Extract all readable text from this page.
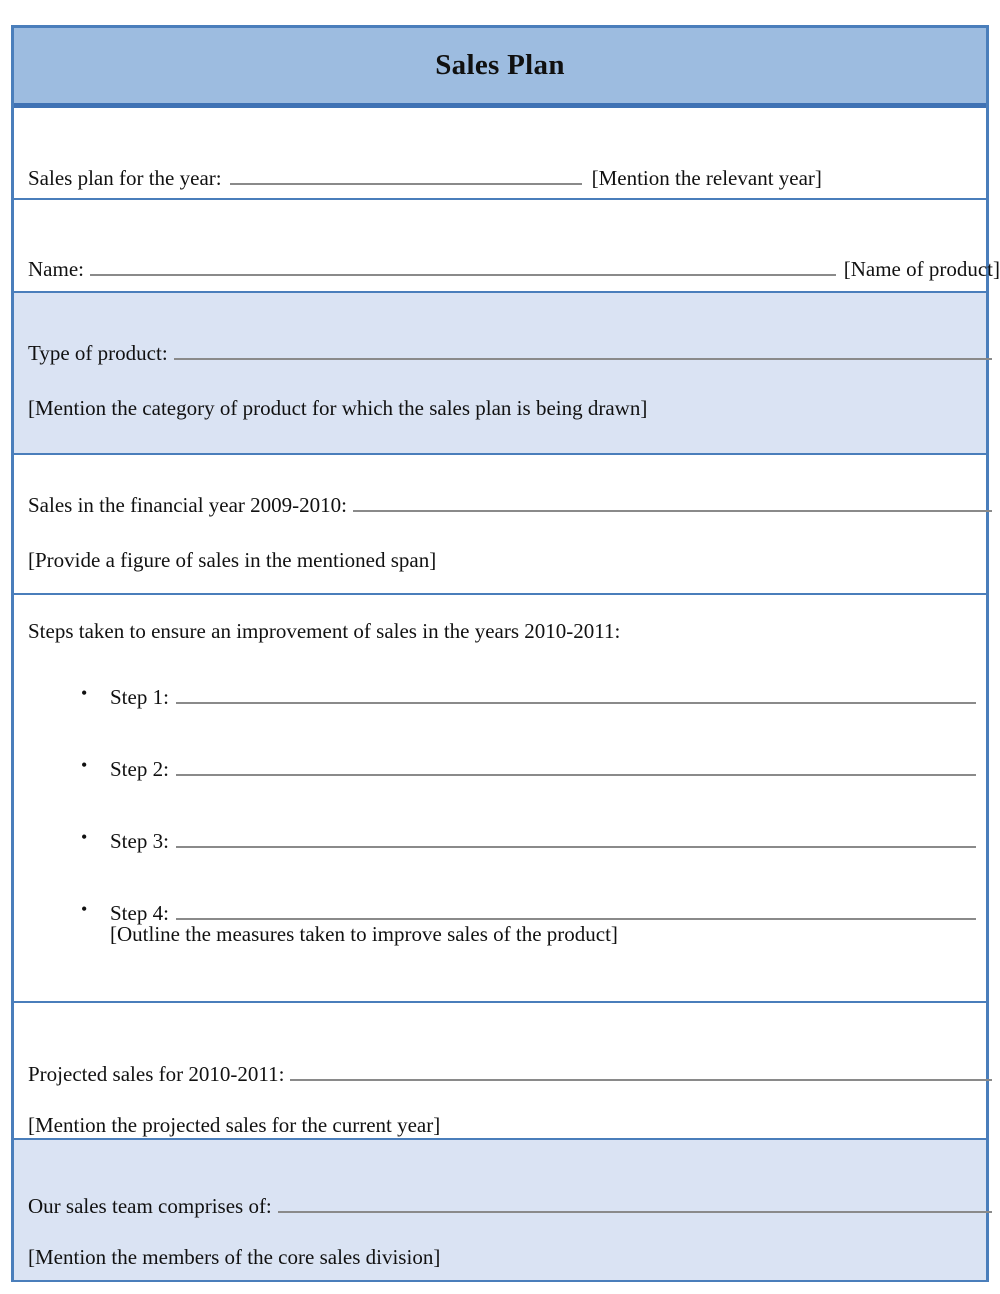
Sales Plan
Sales plan for the year:	[Mention the relevant year]
Name:	[Name of product]
Type of product:
[Mention the category of product for which the sales plan is being drawn]
Sales in the financial year 2009-2010:
[Provide a figure of sales in the mentioned span]
Steps taken to ensure an improvement of sales in the years 2010-2011:
• Step 1:
• Step 2:
• Step 3:
• Step 4:
[Outline the measures taken to improve sales of the product]
Projected sales for 2010-2011:
[Mention the projected sales for the current year]
Our sales team comprises of:
[Mention the members of the core sales division]
